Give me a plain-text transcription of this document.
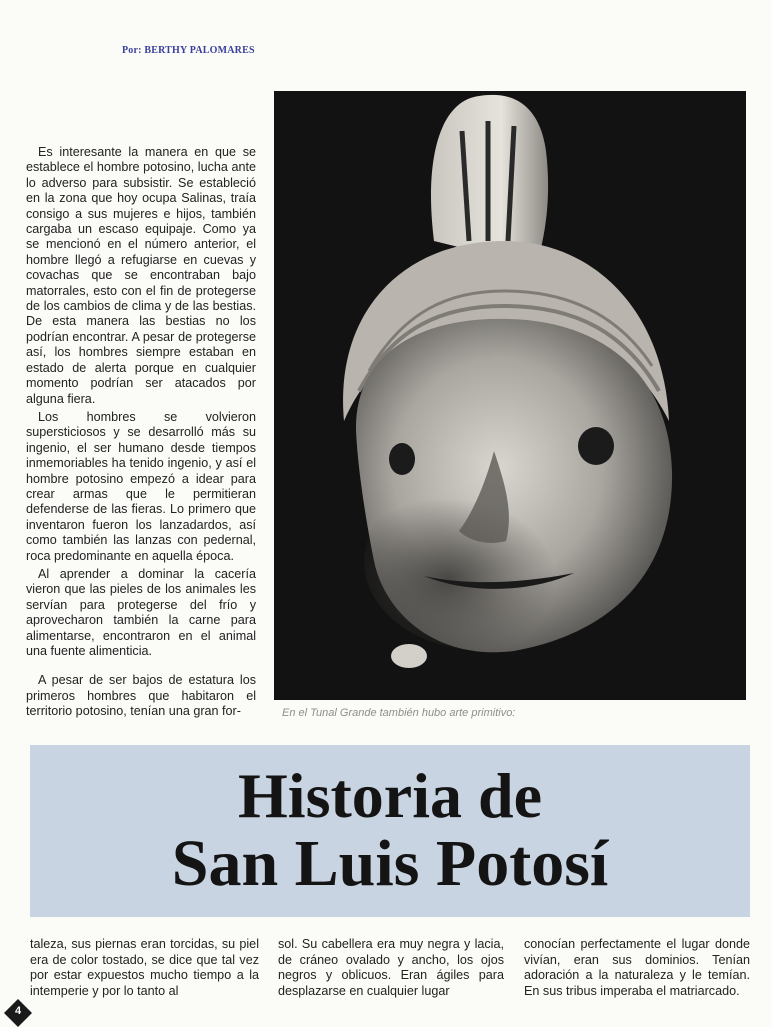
Por: BERTHY PALOMARES

Es interesante la manera en que se establece el hombre potosino, lucha ante lo adverso para subsistir. Se estableció en la zona que hoy ocupa Salinas, traía consigo a sus mujeres e hijos, también cargaba un escaso equipaje. Como ya se mencionó en el número anterior, el hombre llegó a refugiarse en cuevas y covachas que se encontraban bajo matorrales, esto con el fin de protegerse de los cambios de clima y de las bestias. De esta manera las bestias no los podrían encontrar. A pesar de protegerse así, los hombres siempre estaban en estado de alerta porque en cualquier momento podrían ser atacados por alguna fiera.

Los hombres se volvieron supersticiosos y se desarrolló más su ingenio, el ser humano desde tiempos inmemoriables ha tenido ingenio, y así el hombre potosino empezó a idear para crear armas que le permitieran defenderse de las fieras. Lo primero que inventaron fueron los lanzadardos, así como también las lanzas con pedernal, roca predominante en aquella época.

Al aprender a dominar la cacería vieron que las pieles de los animales les servían para protegerse del frío y aprovecharon también la carne para alimentarse, encontraron en el animal una fuente alimenticia.

A pesar de ser bajos de estatura los primeros hombres que habitaron el territorio potosino, tenían una gran for-	En el Tunal Grande también hubo arte primitivo:
Historia de
San Luis Potosí

taleza, sus piernas eran torcidas, su piel era de color tostado, se dice que tal vez por estar expuestos mucho tiempo a la intemperie y por lo tanto al

sol. Su cabellera era muy negra y lacia, de cráneo ovalado y ancho, los ojos negros y oblicuos. Eran ágiles para desplazarse en cualquier lugar

conocían perfectamente el lugar donde vivían, eran sus dominios. Tenían adoración a la naturaleza y le temían. En sus tribus imperaba el matriarcado.

4
